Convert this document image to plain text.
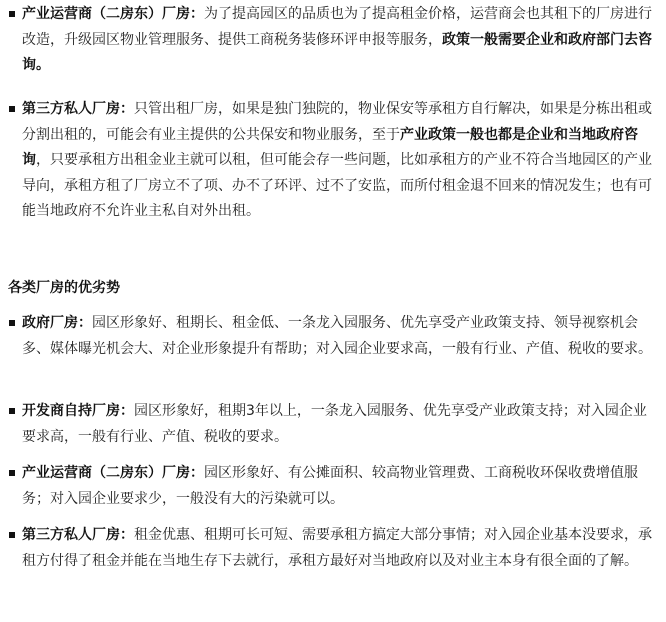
产业运营商（二房东）厂房：为了提高园区的品质也为了提高租金价格，运营商会也其租下的厂房进行改造，升级园区物业管理服务、提供工商税务装修环评申报等服务，政策一般需要企业和政府部门去咨询。
第三方私人厂房：只管出租厂房，如果是独门独院的，物业保安等承租方自行解决，如果是分栋出租或分割出租的，可能会有业主提供的公共保安和物业服务，至于产业政策一般也都是企业和当地政府咨询，只要承租方出租金业主就可以租，但可能会存一些问题，比如承租方的产业不符合当地园区的产业导向，承租方租了厂房立不了项、办不了环评、过不了安监，而所付租金退不回来的情况发生；也有可能当地政府不允许业主私自对外出租。
各类厂房的优劣势
政府厂房：园区形象好、租期长、租金低、一条龙入园服务、优先享受产业政策支持、领导视察机会多、媒体曝光机会大、对企业形象提升有帮助；对入园企业要求高，一般有行业、产值、税收的要求。
开发商自持厂房：园区形象好，租期3年以上，一条龙入园服务、优先享受产业政策支持；对入园企业要求高，一般有行业、产值、税收的要求。
产业运营商（二房东）厂房：园区形象好、有公摊面积、较高物业管理费、工商税收环保收费增值服务；对入园企业要求少，一般没有大的污染就可以。
第三方私人厂房：租金优惠、租期可长可短、需要承租方搞定大部分事情；对入园企业基本没要求，承租方付得了租金并能在当地生存下去就行，承租方最好对当地政府以及对业主本身有很全面的了解。
